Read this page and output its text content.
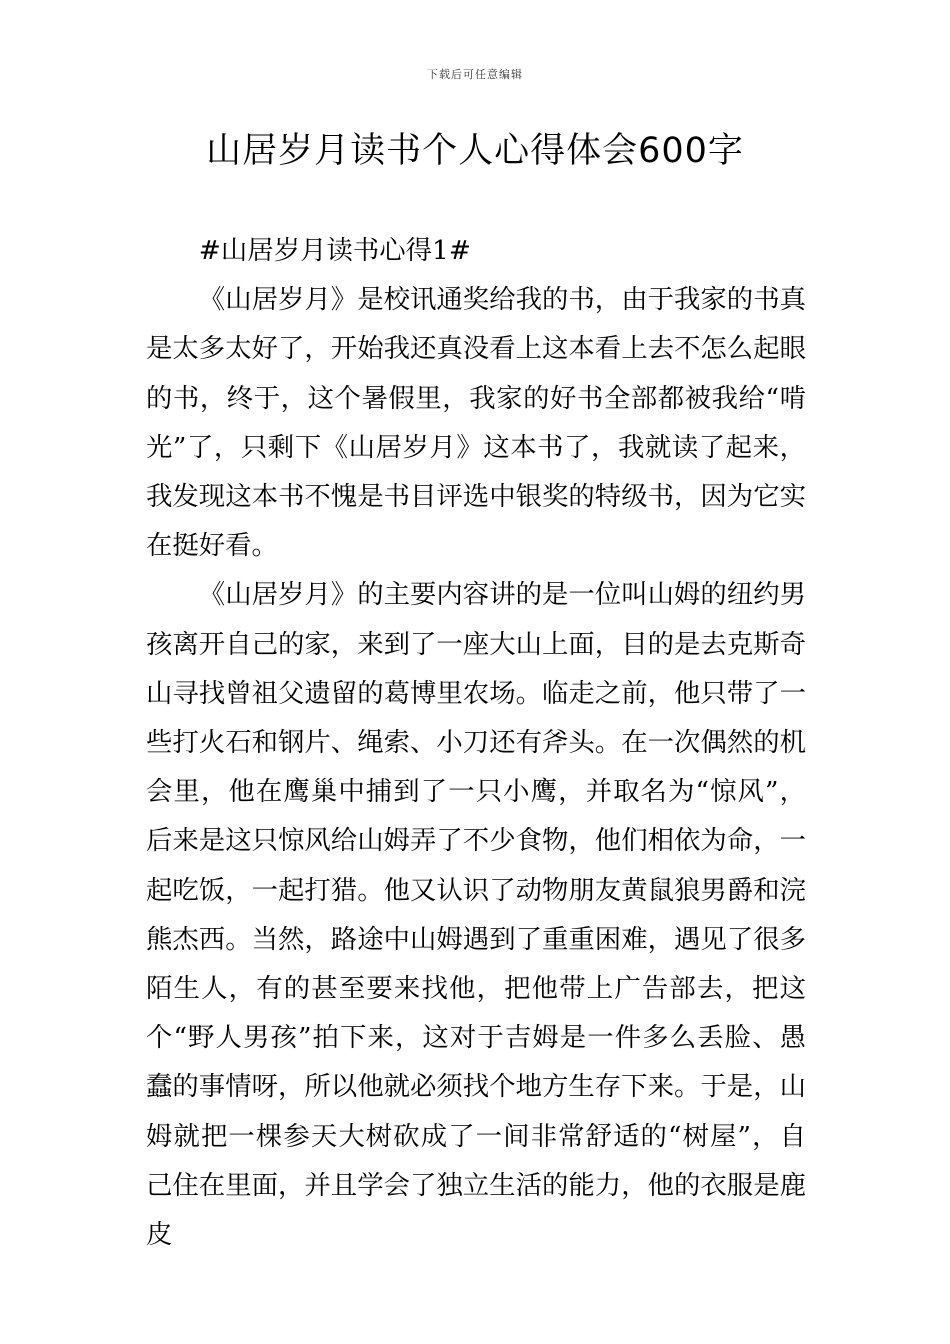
下载后可任意编辑
山居岁月读书个人心得体会600字

#山居岁月读书心得1#

《山居岁月》是校讯通奖给我的书，由于我家的书真是太多太好了，开始我还真没看上这本看上去不怎么起眼的书，终于，这个暑假里，我家的好书全部都被我给“啃光”了，只剩下《山居岁月》这本书了，我就读了起来，我发现这本书不愧是书目评选中银奖的特级书，因为它实在挺好看。

《山居岁月》的主要内容讲的是一位叫山姆的纽约男孩离开自己的家，来到了一座大山上面，目的是去克斯奇山寻找曾祖父遗留的葛博里农场。临走之前，他只带了一些打火石和钢片、绳索、小刀还有斧头。在一次偶然的机会里，他在鹰巢中捕到了一只小鹰，并取名为“惊风”，后来是这只惊风给山姆弄了不少食物，他们相依为命，一起吃饭，一起打猎。他又认识了动物朋友黄鼠狼男爵和浣熊杰西。当然，路途中山姆遇到了重重困难，遇见了很多陌生人，有的甚至要来找他，把他带上广告部去，把这个“野人男孩”拍下来，这对于吉姆是一件多么丢脸、愚蠢的事情呀，所以他就必须找个地方生存下来。于是，山姆就把一棵参天大树砍成了一间非常舒适的“树屋”，自己住在里面，并且学会了独立生活的能力，他的衣服是鹿皮
